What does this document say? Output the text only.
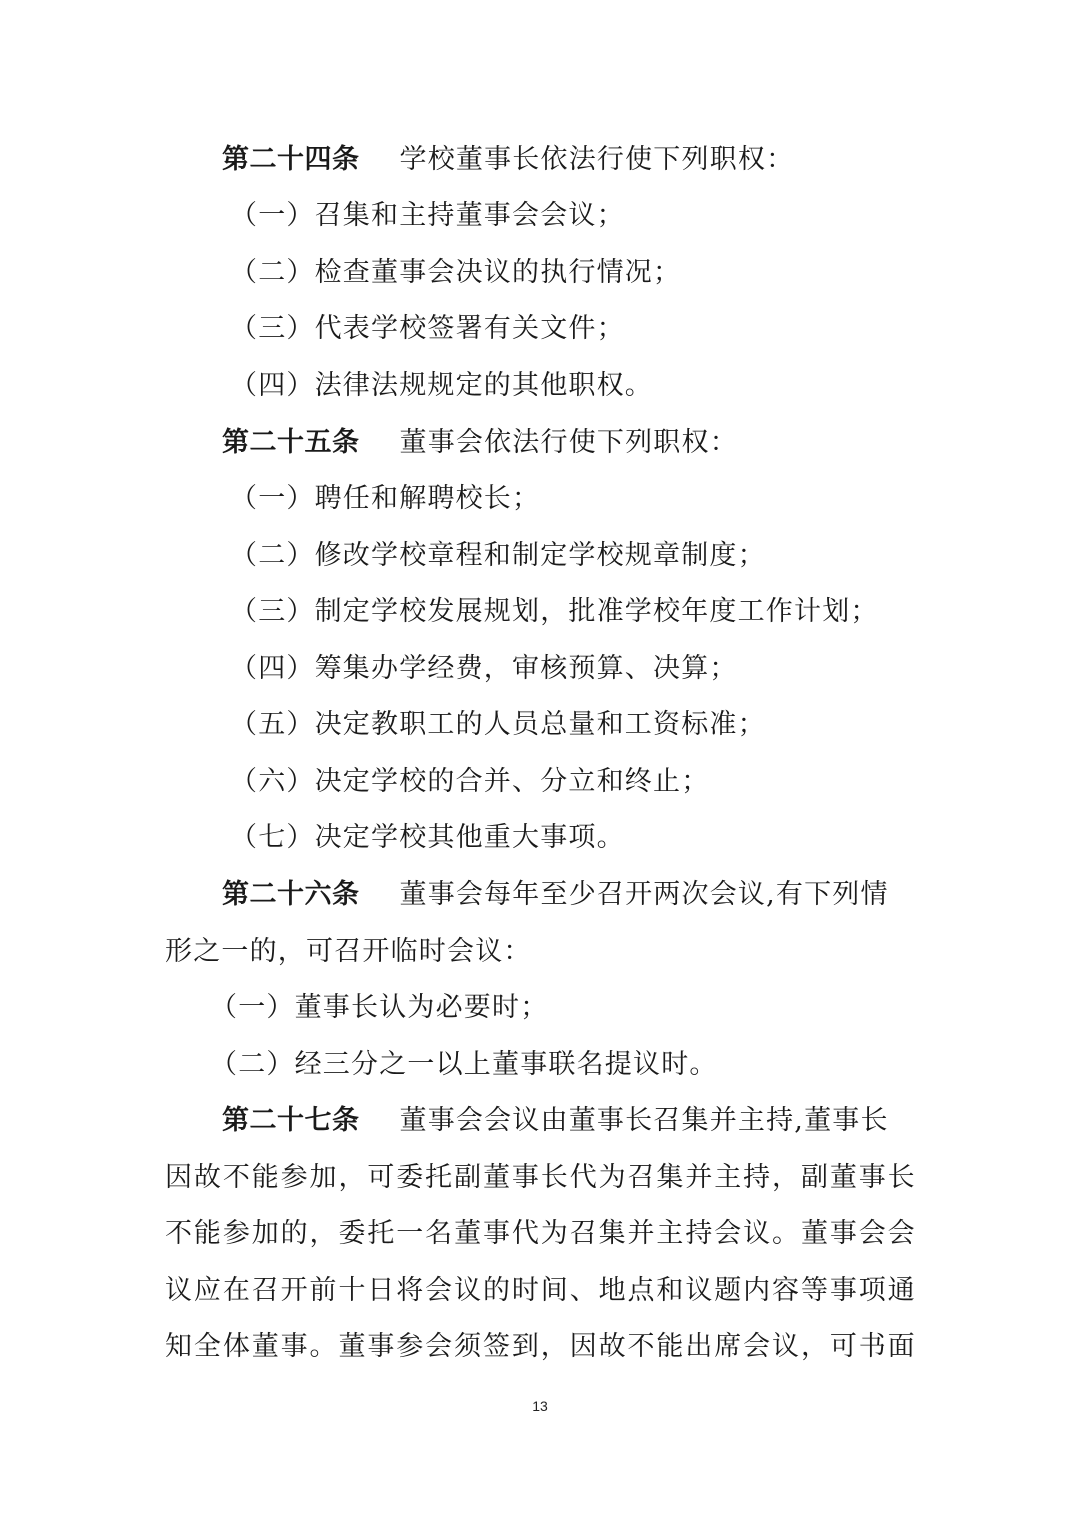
第二十四条 学校董事长依法行使下列职权：
（一）召集和主持董事会会议；
（二）检查董事会决议的执行情况；
（三）代表学校签署有关文件；
（四）法律法规规定的其他职权。
第二十五条 董事会依法行使下列职权：
（一）聘任和解聘校长；
（二）修改学校章程和制定学校规章制度；
（三）制定学校发展规划，批准学校年度工作计划；
（四）筹集办学经费，审核预算、决算；
（五）决定教职工的人员总量和工资标准；
（六）决定学校的合并、分立和终止；
（七）决定学校其他重大事项。
第二十六条 董事会每年至少召开两次会议,有下列情
形之一的，可召开临时会议：
（一）董事长认为必要时；
（二）经三分之一以上董事联名提议时。
第二十七条 董事会会议由董事长召集并主持,董事长
因 故 不 能 参 加 ， 可 委 托 副 董 事 长 代 为 召 集 并 主 持 ， 副 董 事 长
不 能 参 加 的 ， 委 托 一 名 董 事 代 为 召 集 并 主 持 会 议 。 董 事 会 会
议 应 在 召 开 前 十 日 将 会 议 的 时 间 、 地 点 和 议 题 内 容 等 事 项 通
知 全 体 董 事 。 董 事 参 会 须 签 到 ， 因 故 不 能 出 席 会 议 ， 可 书 面
13
